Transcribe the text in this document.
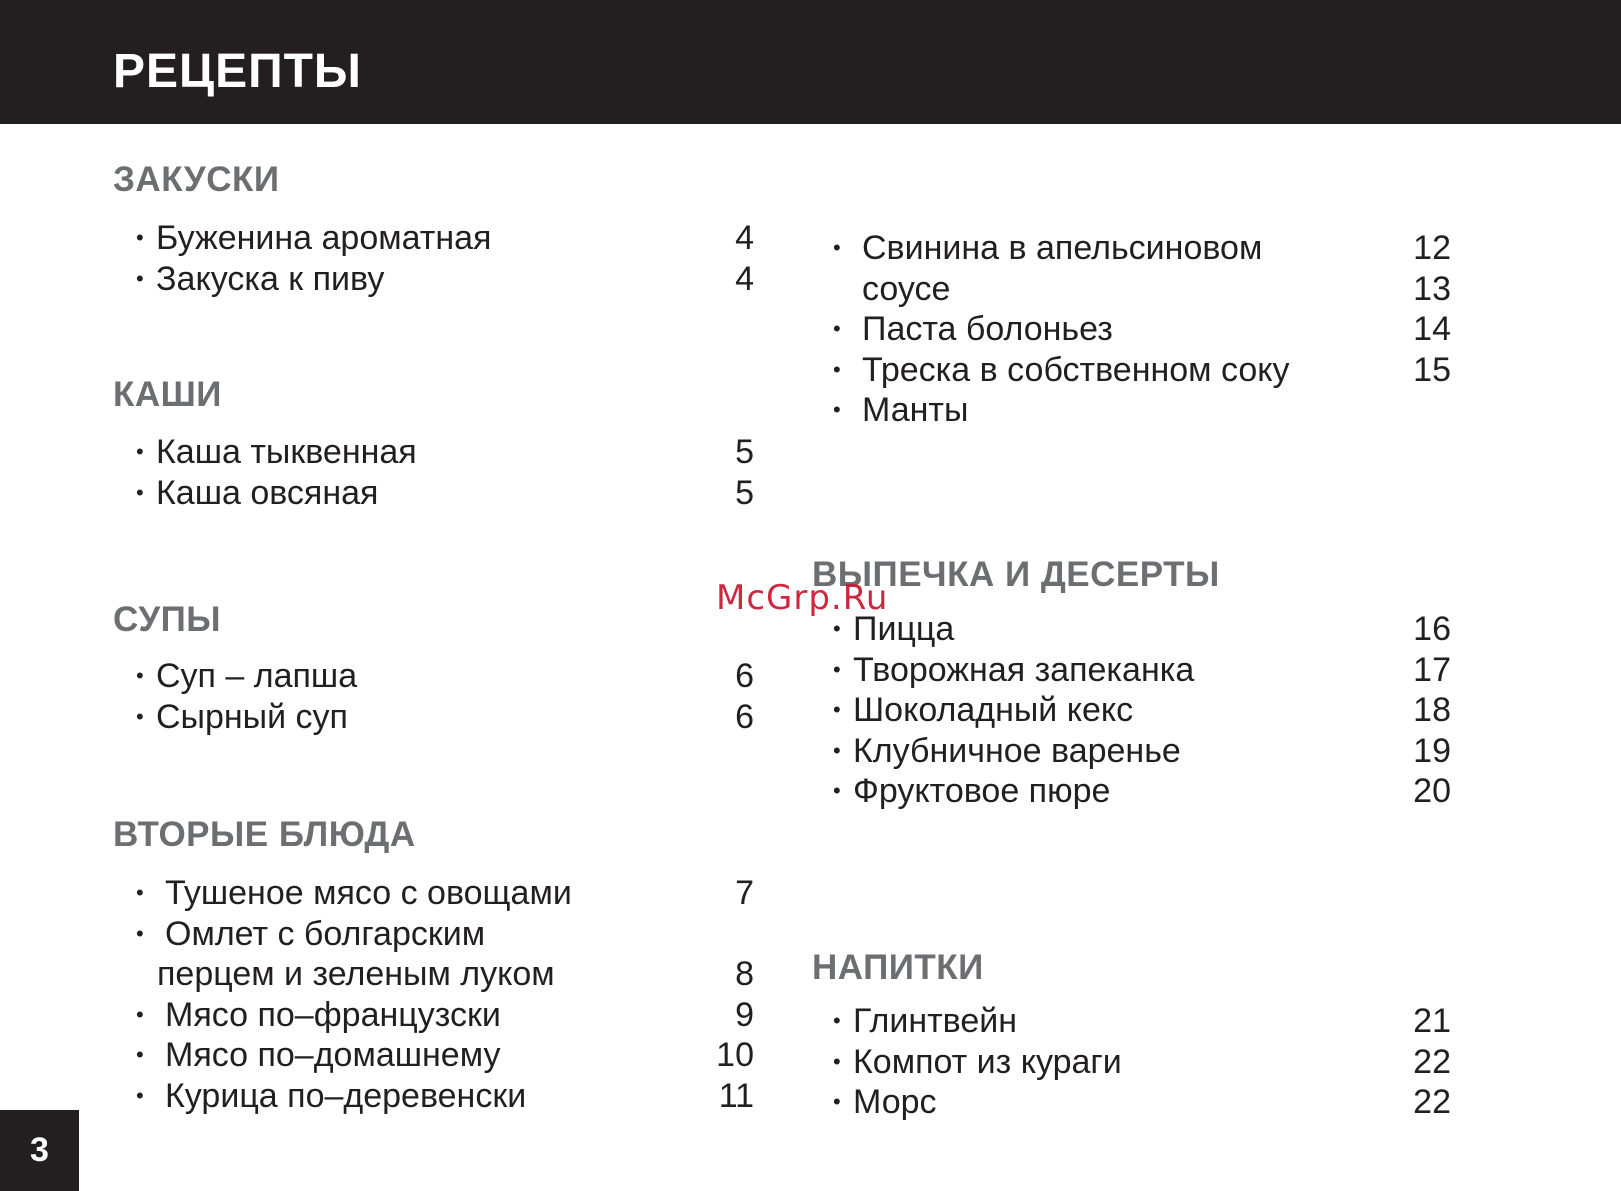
РЕЦЕПТЫ
ЗАКУСКИ
• Буженина ароматная	4
• Закуска к пиву	4
КАШИ
• Каша тыквенная	5
• Каша овсяная	5
СУПЫ
• Суп – лапша	6
• Сырный суп	6
ВТОРЫЕ БЛЮДА
• Тушеное мясо с овощами	7
• Омлет с болгарским
перцем и зеленым луком	8
• Мясо по–французски	9
• Мясо по–домашнему	10
• Курица по–деревенски	11
• Свинина в апельсиновом	12
соусе	13
• Паста болоньез	14
• Треска в собственном соку	15
• Манты
ВЫПЕЧКА И ДЕСЕРТЫ
• Пицца	16
• Творожная запеканка	17
• Шоколадный кекс	18
• Клубничное варенье	19
• Фруктовое пюре	20
McGrp.Ru
НАПИТКИ
• Глинтвейн	21
• Компот из кураги	22
• Морс	22
3
